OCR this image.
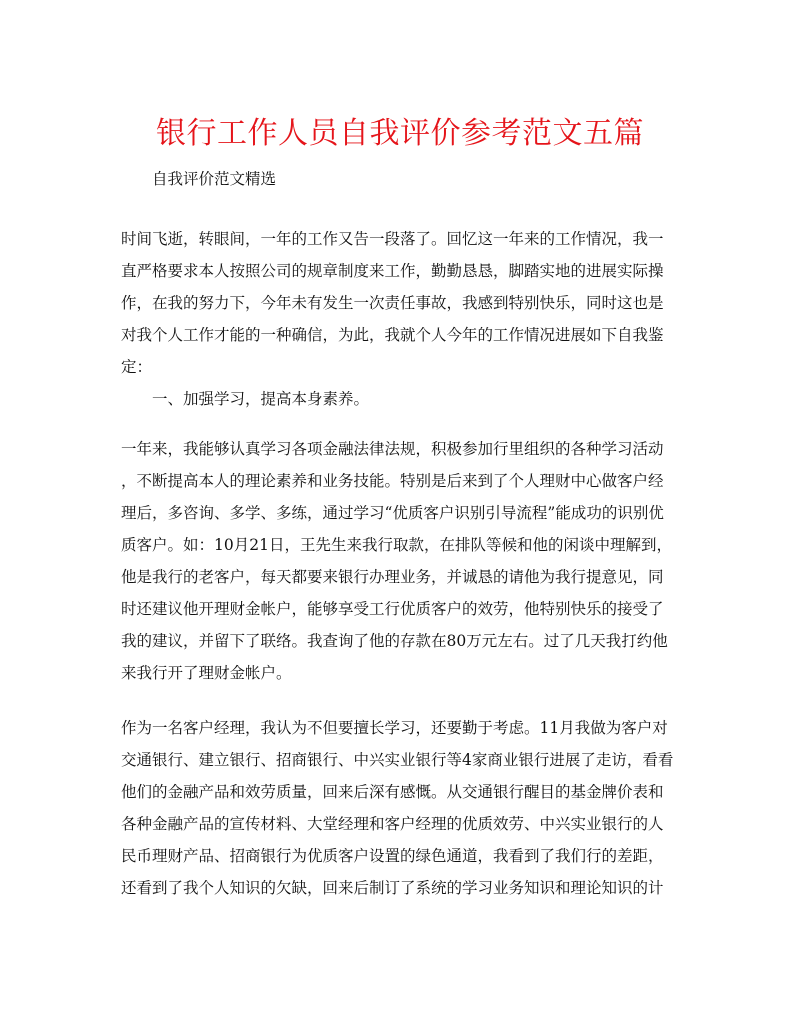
银行工作人员自我评价参考范文五篇
自我评价范文精选
时间飞逝，转眼间，一年的工作又告一段落了。回忆这一年来的工作情况，我一
直严格要求本人按照公司的规章制度来工作，勤勤恳恳，脚踏实地的进展实际操
作，在我的努力下，今年未有发生一次责任事故，我感到特别快乐，同时这也是
对我个人工作才能的一种确信，为此，我就个人今年的工作情况进展如下自我鉴
定：
一、加强学习，提高本身素养。
一年来，我能够认真学习各项金融法律法规，积极参加行里组织的各种学习活动
，不断提高本人的理论素养和业务技能。特别是后来到了个人理财中心做客户经
理后，多咨询、多学、多练，通过学习“优质客户识别引导流程”能成功的识别优
质客户。如：10月21日，王先生来我行取款，在排队等候和他的闲谈中理解到，
他是我行的老客户，每天都要来银行办理业务，并诚恳的请他为我行提意见，同
时还建议他开理财金帐户，能够享受工行优质客户的效劳，他特别快乐的接受了
我的建议，并留下了联络。我查询了他的存款在80万元左右。过了几天我打约他
来我行开了理财金帐户。
作为一名客户经理，我认为不但要擅长学习，还要勤于考虑。11月我做为客户对
交通银行、建立银行、招商银行、中兴实业银行等4家商业银行进展了走访，看看
他们的金融产品和效劳质量，回来后深有感慨。从交通银行醒目的基金牌价表和
各种金融产品的宣传材料、大堂经理和客户经理的优质效劳、中兴实业银行的人
民币理财产品、招商银行为优质客户设置的绿色通道，我看到了我们行的差距，
还看到了我个人知识的欠缺，回来后制订了系统的学习业务知识和理论知识的计
